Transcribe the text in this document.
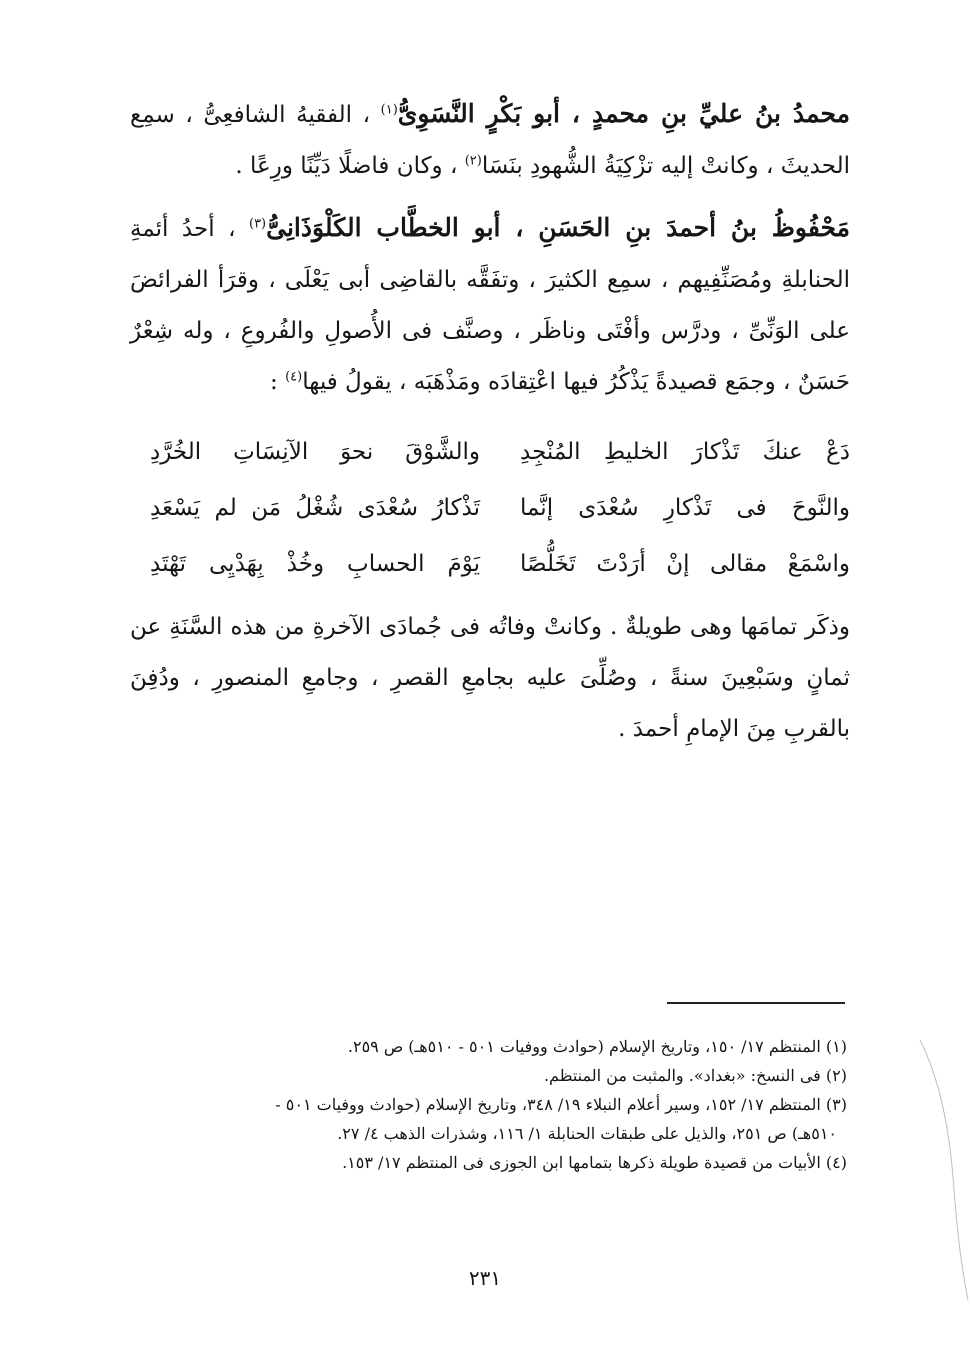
محمدُ بنُ عليِّ بنِ محمدٍ ، أبو بَكْرٍ النَّسَوِىُّ$^{(١)}$ ، الفقيهُ الشافعِىُّ ، سمِع الحديثَ ، وكانتْ إليه تزْكِيَةُ الشُّهودِ بنَسَا$^{(٢)}$ ، وكان فاضلًا دَيِّنًا ورِعًا .

مَحْفُوظُ بنُ أحمدَ بنِ الحَسَنِ ، أبو الخطَّاب الكَلْوَذَانِىُّ$^{(٣)}$ ، أحدُ أئمةِ الحنابلةِ ومُصَنِّفِيهم ، سمِع الكثيرَ ، وتفَقَّه بالقاضِى أبى يَعْلَى ، وقرَأ الفرائضَ على الوَنِّىِّ ، ودرَّس وأفْتَى وناظَر ، وصنَّف فى الأُصولِ والفُروعِ ، وله شِعْرٌ حَسَنٌ ، وجمَع قصيدةً يَذْكُرُ فيها اعْتِقادَه ومَذْهَبَه ، يقولُ فيها$^{(٤)}$ :

دَعْ عنكَ تَذْكارَ الخليطِ المُنْجِدِ
والشَّوْقَ نحوَ الآنِسَاتِ الخُرَّدِ
والنَّوحَ فى تَذْكارِ سُعْدَى إنَّما
تَذْكارُ سُعْدَى شُغْلُ مَن لم يَسْعَدِ
واسْمَعْ مقالى إنْ أرَدْتَ تَخَلُّصًا
يَوْمَ الحسابِ وخُذْ بِهَدْيِى تَهْتَدِ

وذكَر تمامَها وهى طويلةٌ . وكانتْ وفاتُه فى جُمادَى الآخرةِ من هذه السَّنَةِ عن ثمانٍ وسَبْعِينَ سنةً ، وصُلِّىَ عليه بجامعِ القصرِ ، وجامعِ المنصورِ ، ودُفِنَ بالقربِ مِنَ الإمامِ أحمدَ .

(١) المنتظم ١٧/ ١٥٠، وتاريخ الإسلام (حوادث ووفيات ٥٠١ - ٥١٠هـ) ص ٢٥٩.

(٢) فى النسخ: «بغداد». والمثبت من المنتظم.

(٣) المنتظم ١٧/ ١٥٢، وسير أعلام النبلاء ١٩/ ٣٤٨، وتاريخ الإسلام (حوادث ووفيات ٥٠١ -

٥١٠هـ) ص ٢٥١، والذيل على طبقات الحنابلة ١/ ١١٦، وشذرات الذهب ٤/ ٢٧.

(٤) الأبيات من قصيدة طويلة ذكرها بتمامها ابن الجوزى فى المنتظم ١٧/ ١٥٣.

٢٣١
